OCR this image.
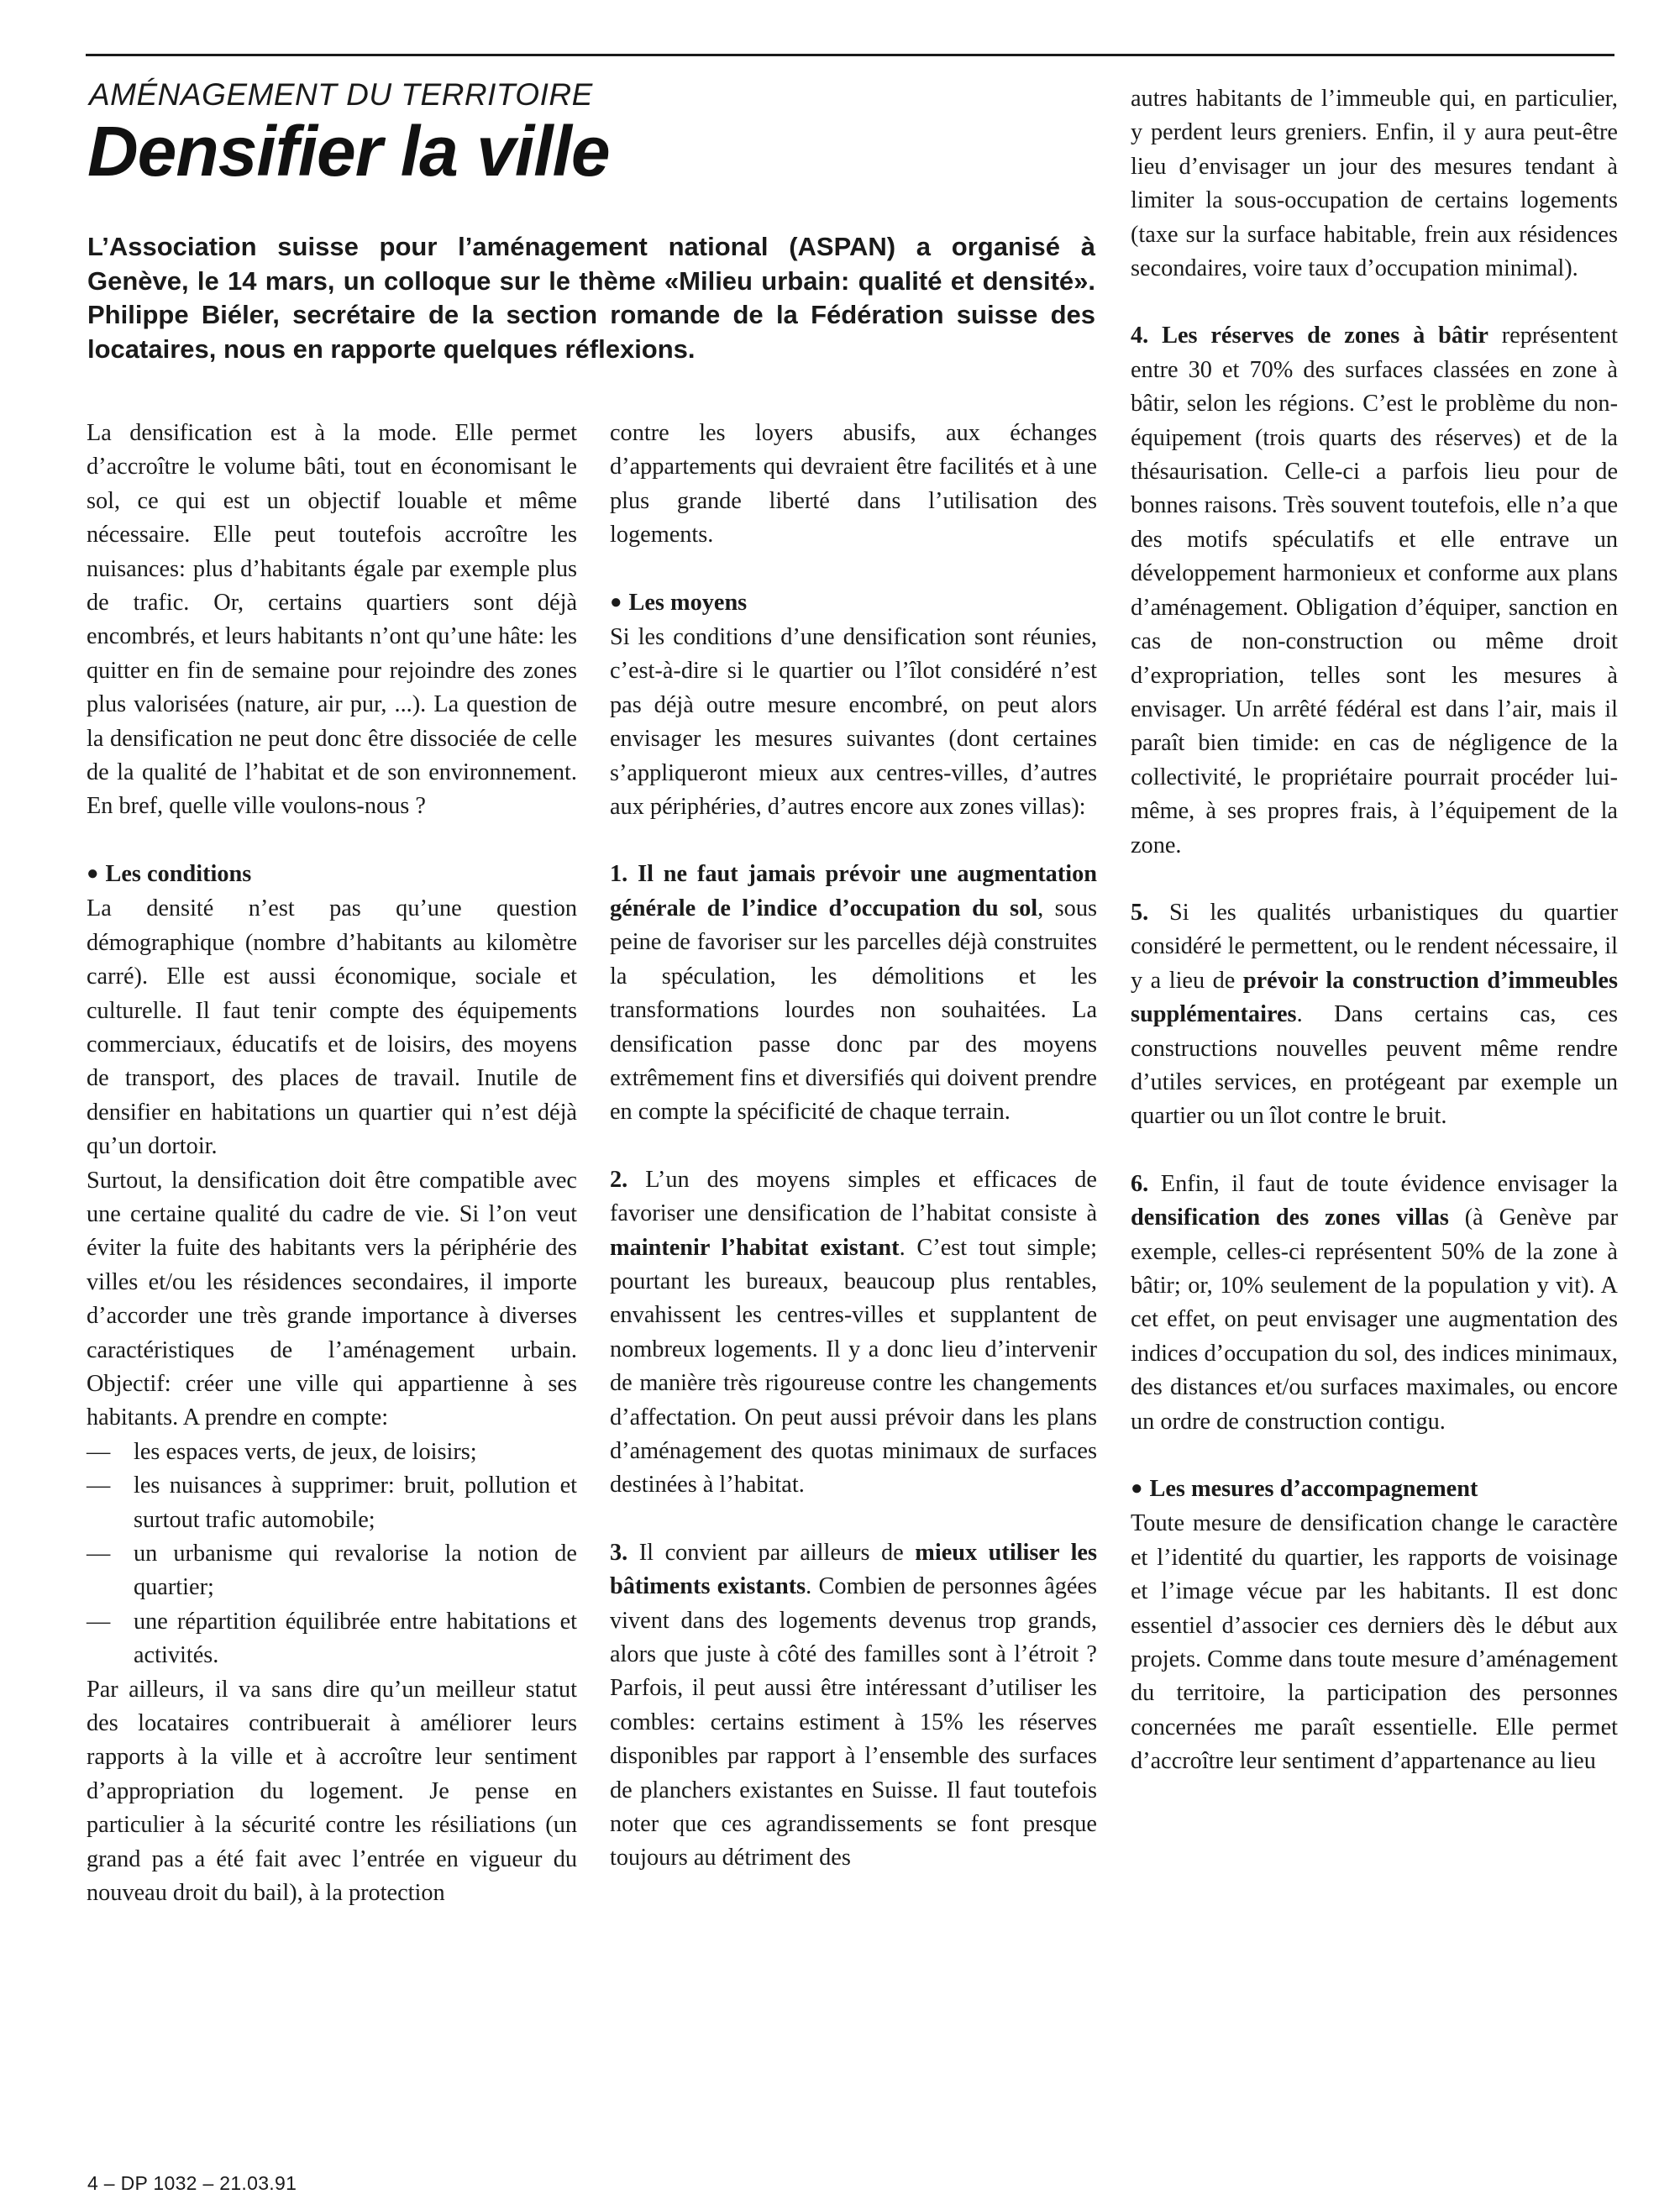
AMÉNAGEMENT DU TERRITOIRE
Densifier la ville

L’Association suisse pour l’aménagement national (ASPAN) a organisé à Genève, le 14 mars, un colloque sur le thème «Milieu urbain: qualité et densité». Philippe Biéler, secrétaire de la section romande de la Fédération suisse des locataires, nous en rapporte quelques réflexions.

La densification est à la mode. Elle permet d’accroître le volume bâti, tout en économisant le sol, ce qui est un objectif louable et même nécessaire. Elle peut toutefois accroître les nuisances: plus d’habitants égale par exemple plus de trafic. Or, certains quartiers sont déjà encombrés, et leurs habitants n’ont qu’une hâte: les quitter en fin de semaine pour rejoindre des zones plus valorisées (nature, air pur, ...). La question de la densification ne peut donc être dissociée de celle de la qualité de l’habitat et de son environnement. En bref, quelle ville voulons-nous ?

● Les conditions

La densité n’est pas qu’une question démographique (nombre d’habitants au kilomètre carré). Elle est aussi économique, sociale et culturelle. Il faut tenir compte des équipements commerciaux, éducatifs et de loisirs, des moyens de transport, des places de travail. Inutile de densifier en habitations un quartier qui n’est déjà qu’un dortoir.

Surtout, la densification doit être compatible avec une certaine qualité du cadre de vie. Si l’on veut éviter la fuite des habitants vers la périphérie des villes et/ou les résidences secondaires, il importe d’accorder une très grande importance à diverses caractéristiques de l’aménagement urbain. Objectif: créer une ville qui appartienne à ses habitants. A prendre en compte:

— les espaces verts, de jeux, de loisirs;
— les nuisances à supprimer: bruit, pollution et surtout trafic automobile;
— un urbanisme qui revalorise la notion de quartier;
— une répartition équilibrée entre habitations et activités.

Par ailleurs, il va sans dire qu’un meilleur statut des locataires contribuerait à améliorer leurs rapports à la ville et à accroître leur sentiment d’appropriation du logement. Je pense en particulier à la sécurité contre les résiliations (un grand pas a été fait avec l’entrée en vigueur du nouveau droit du bail), à la protection

contre les loyers abusifs, aux échanges d’appartements qui devraient être facilités et à une plus grande liberté dans l’utilisation des logements.

● Les moyens

Si les conditions d’une densification sont réunies, c’est-à-dire si le quartier ou l’îlot considéré n’est pas déjà outre mesure encombré, on peut alors envisager les mesures suivantes (dont certaines s’appliqueront mieux aux centres-villes, d’autres aux périphéries, d’autres encore aux zones villas):

1. Il ne faut jamais prévoir une augmentation générale de l’indice d’occupation du sol, sous peine de favoriser sur les parcelles déjà construites la spéculation, les démolitions et les transformations lourdes non souhaitées. La densification passe donc par des moyens extrêmement fins et diversifiés qui doivent prendre en compte la spécificité de chaque terrain.

2. L’un des moyens simples et efficaces de favoriser une densification de l’habitat consiste à maintenir l’habitat existant. C’est tout simple; pourtant les bureaux, beaucoup plus rentables, envahissent les centres-villes et supplantent de nombreux logements. Il y a donc lieu d’intervenir de manière très rigoureuse contre les changements d’affectation. On peut aussi prévoir dans les plans d’aménagement des quotas minimaux de surfaces destinées à l’habitat.

3. Il convient par ailleurs de mieux utiliser les bâtiments existants. Combien de personnes âgées vivent dans des logements devenus trop grands, alors que juste à côté des familles sont à l’étroit ? Parfois, il peut aussi être intéressant d’utiliser les combles: certains estiment à 15% les réserves disponibles par rapport à l’ensemble des surfaces de planchers existantes en Suisse. Il faut toutefois noter que ces agrandissements se font presque toujours au détriment des

autres habitants de l’immeuble qui, en particulier, y perdent leurs greniers. Enfin, il y aura peut-être lieu d’envisager un jour des mesures tendant à limiter la sous-occupation de certains logements (taxe sur la surface habitable, frein aux résidences secondaires, voire taux d’occupation minimal).

4. Les réserves de zones à bâtir représentent entre 30 et 70% des surfaces classées en zone à bâtir, selon les régions. C’est le problème du non-équipement (trois quarts des réserves) et de la thésaurisation. Celle-ci a parfois lieu pour de bonnes raisons. Très souvent toutefois, elle n’a que des motifs spéculatifs et elle entrave un développement harmonieux et conforme aux plans d’aménagement. Obligation d’équiper, sanction en cas de non-construction ou même droit d’expropriation, telles sont les mesures à envisager. Un arrêté fédéral est dans l’air, mais il paraît bien timide: en cas de négligence de la collectivité, le propriétaire pourrait procéder lui-même, à ses propres frais, à l’équipement de la zone.

5. Si les qualités urbanistiques du quartier considéré le permettent, ou le rendent nécessaire, il y a lieu de prévoir la construction d’immeubles supplémentaires. Dans certains cas, ces constructions nouvelles peuvent même rendre d’utiles services, en protégeant par exemple un quartier ou un îlot contre le bruit.

6. Enfin, il faut de toute évidence envisager la densification des zones villas (à Genève par exemple, celles-ci représentent 50% de la zone à bâtir; or, 10% seulement de la population y vit). A cet effet, on peut envisager une augmentation des indices d’occupation du sol, des indices minimaux, des distances et/ou surfaces maximales, ou encore un ordre de construction contigu.

● Les mesures d’accompagnement

Toute mesure de densification change le caractère et l’identité du quartier, les rapports de voisinage et l’image vécue par les habitants. Il est donc essentiel d’associer ces derniers dès le début aux projets. Comme dans toute mesure d’aménagement du territoire, la participation des personnes concernées me paraît essentielle. Elle permet d’accroître leur sentiment d’appartenance au lieu

4 – DP 1032 – 21.03.91
